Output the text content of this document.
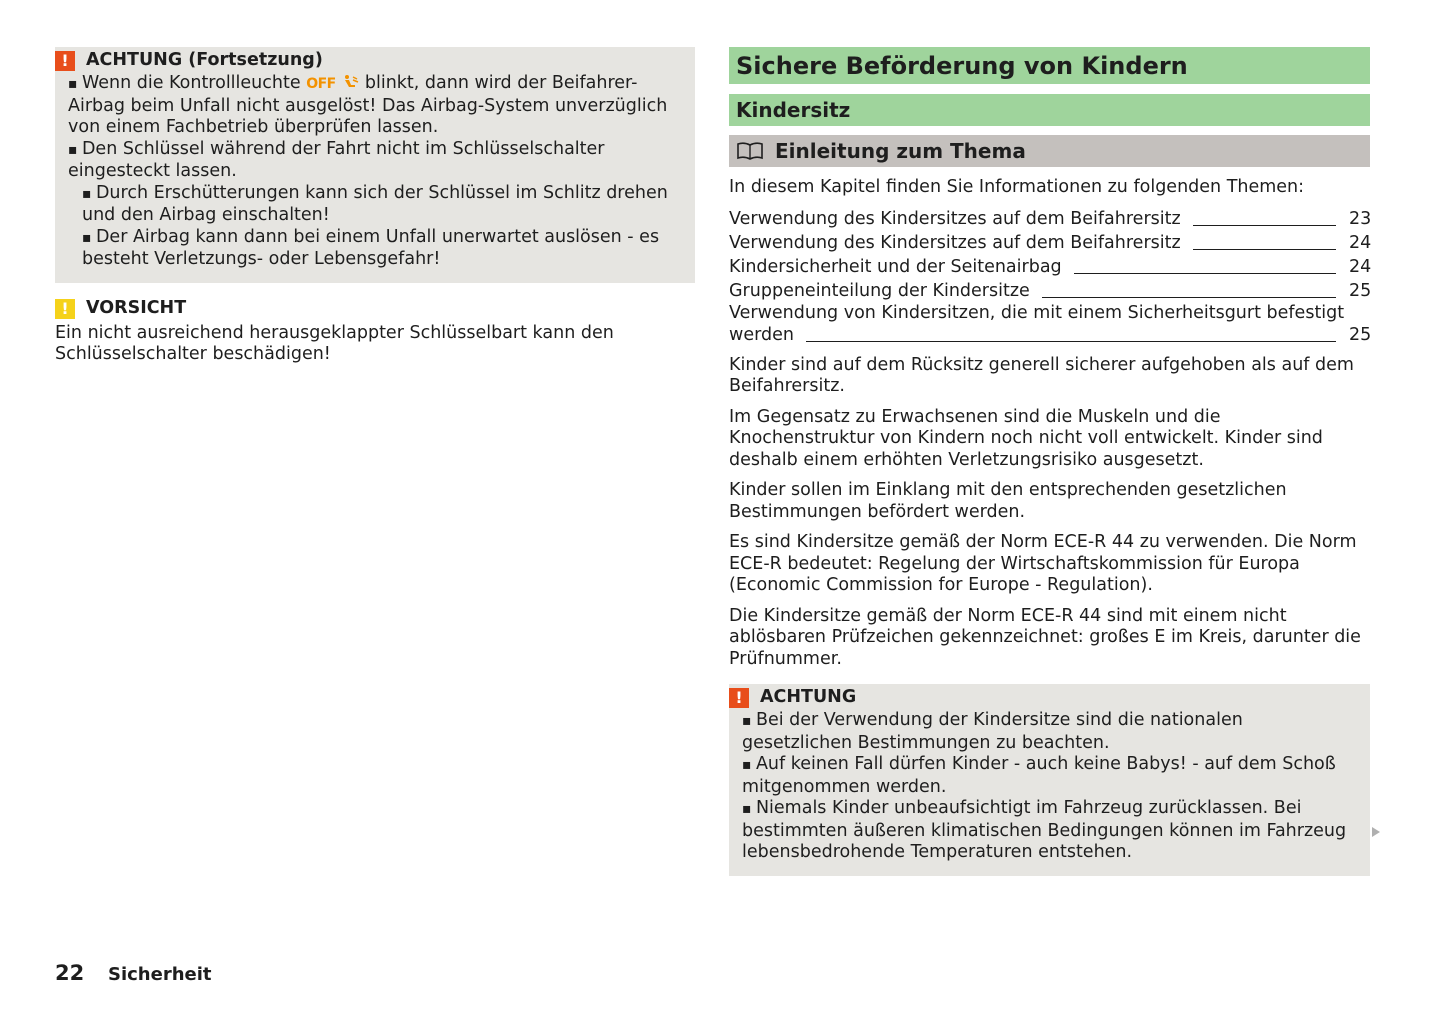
! ACHTUNG (Fortsetzung)

▪ Wenn die Kontrollleuchte OFF blinkt, dann wird der Beifahrer-Airbag beim Unfall nicht ausgelöst! Das Airbag-System unverzüglich von einem Fachbetrieb überprüfen lassen.

▪ Den Schlüssel während der Fahrt nicht im Schlüsselschalter eingesteckt lassen.

▪ Durch Erschütterungen kann sich der Schlüssel im Schlitz drehen und den Airbag einschalten!

▪ Der Airbag kann dann bei einem Unfall unerwartet auslösen - es besteht Verletzungs- oder Lebensgefahr!

! VORSICHT

Ein nicht ausreichend herausgeklappter Schlüsselbart kann den Schlüsselschalter beschädigen!

Sichere Beförderung von Kindern
Kindersitz
Einleitung zum Thema

In diesem Kapitel finden Sie Informationen zu folgenden Themen:

Verwendung des Kindersitzes auf dem Beifahrersitz	23
Verwendung des Kindersitzes auf dem Beifahrersitz	24
Kindersicherheit und der Seitenairbag	24
Gruppeneinteilung der Kindersitze	25
Verwendung von Kindersitzen, die mit einem Sicherheitsgurt befestigt
werden	25

Kinder sind auf dem Rücksitz generell sicherer aufgehoben als auf dem Beifahrersitz.

Im Gegensatz zu Erwachsenen sind die Muskeln und die Knochenstruktur von Kindern noch nicht voll entwickelt. Kinder sind deshalb einem erhöhten Verletzungsrisiko ausgesetzt.

Kinder sollen im Einklang mit den entsprechenden gesetzlichen Bestimmungen befördert werden.

Es sind Kindersitze gemäß der Norm ECE-R 44 zu verwenden. Die Norm ECE-R bedeutet: Regelung der Wirtschaftskommission für Europa (Economic Commission for Europe - Regulation).

Die Kindersitze gemäß der Norm ECE-R 44 sind mit einem nicht ablösbaren Prüfzeichen gekennzeichnet: großes E im Kreis, darunter die Prüfnummer.

! ACHTUNG

▪ Bei der Verwendung der Kindersitze sind die nationalen gesetzlichen Bestimmungen zu beachten.

▪ Auf keinen Fall dürfen Kinder - auch keine Babys! - auf dem Schoß mitgenommen werden.

▪ Niemals Kinder unbeaufsichtigt im Fahrzeug zurücklassen. Bei bestimmten äußeren klimatischen Bedingungen können im Fahrzeug lebensbedrohende Temperaturen entstehen.

22	Sicherheit
